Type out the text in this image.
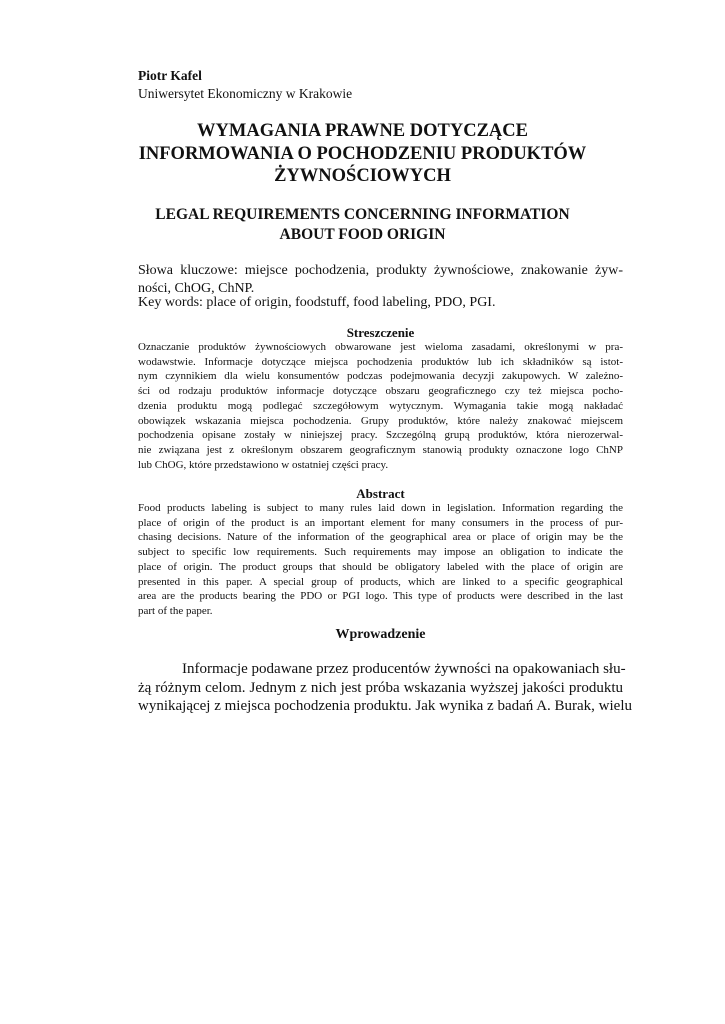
Piotr Kafel
Uniwersytet Ekonomiczny w Krakowie
WYMAGANIA PRAWNE DOTYCZĄCE
INFORMOWANIA O POCHODZENIU PRODUKTÓW
ŻYWNOŚCIOWYCH
LEGAL REQUIREMENTS CONCERNING INFORMATION
ABOUT FOOD ORIGIN
Słowa kluczowe: miejsce pochodzenia, produkty żywnościowe, znakowanie żyw-
ności, ChOG, ChNP.
Key words: place of origin, foodstuff, food labeling, PDO, PGI.
Streszczenie
Oznaczanie produktów żywnościowych obwarowane jest wieloma zasadami, określonymi w pra-
wodawstwie. Informacje dotyczące miejsca pochodzenia produktów lub ich składników są istot-
nym czynnikiem dla wielu konsumentów podczas podejmowania decyzji zakupowych. W zależno-
ści od rodzaju produktów informacje dotyczące obszaru geograficznego czy też miejsca pocho-
dzenia produktu mogą podlegać szczegółowym wytycznym. Wymagania takie mogą nakładać
obowiązek wskazania miejsca pochodzenia. Grupy produktów, które należy znakować miejscem
pochodzenia opisane zostały w niniejszej pracy. Szczególną grupą produktów, która nierozerwal-
nie związana jest z określonym obszarem geograficznym stanowią produkty oznaczone logo ChNP
lub ChOG, które przedstawiono w ostatniej części pracy.
Abstract
Food products labeling is subject to many rules laid down in legislation. Information regarding the
place of origin of the product is an important element for many consumers in the process of pur-
chasing decisions. Nature of the information of the geographical area or place of origin may be the
subject to specific low requirements. Such requirements may impose an obligation to indicate the
place of origin. The product groups that should be obligatory labeled with the place of origin are
presented in this paper. A special group of products, which are linked to a specific geographical
area are the products bearing the PDO or PGI logo. This type of products were described in the last
part of the paper.
Wprowadzenie
Informacje podawane przez producentów żywności na opakowaniach słu-
żą różnym celom. Jednym z nich jest próba wskazania wyższej jakości produktu
wynikającej z miejsca pochodzenia produktu. Jak wynika z badań A. Burak, wielu
